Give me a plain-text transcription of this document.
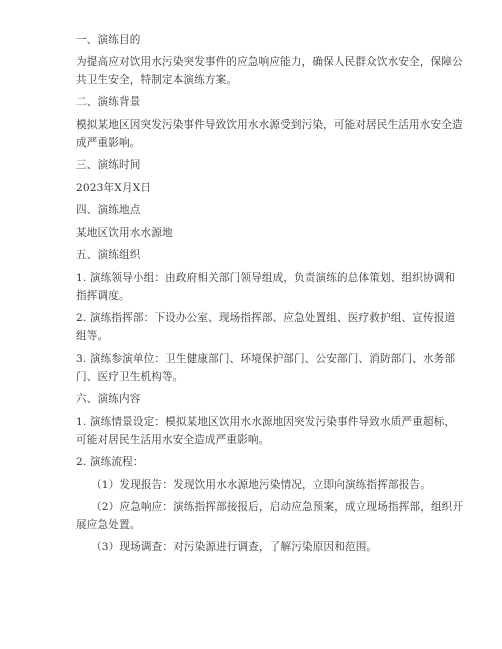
一、演练目的
为提高应对饮用水污染突发事件的应急响应能力，确保人民群众饮水安全，保障公
共卫生安全，特制定本演练方案。
二、演练背景
模拟某地区因突发污染事件导致饮用水水源受到污染，可能对居民生活用水安全造
成严重影响。
三、演练时间
2023年X月X日
四、演练地点
某地区饮用水水源地
五、演练组织
1. 演练领导小组：由政府相关部门领导组成，负责演练的总体策划、组织协调和
指挥调度。
2. 演练指挥部：下设办公室、现场指挥部、应急处置组、医疗救护组、宣传报道
组等。
3. 演练参演单位：卫生健康部门、环境保护部门、公安部门、消防部门、水务部
门、医疗卫生机构等。
六、演练内容
1. 演练情景设定：模拟某地区饮用水水源地因突发污染事件导致水质严重超标，
可能对居民生活用水安全造成严重影响。
2. 演练流程：
（1）发现报告：发现饮用水水源地污染情况，立即向演练指挥部报告。
（2）应急响应：演练指挥部接报后，启动应急预案，成立现场指挥部，组织开
展应急处置。
（3）现场调查：对污染源进行调查，了解污染原因和范围。
